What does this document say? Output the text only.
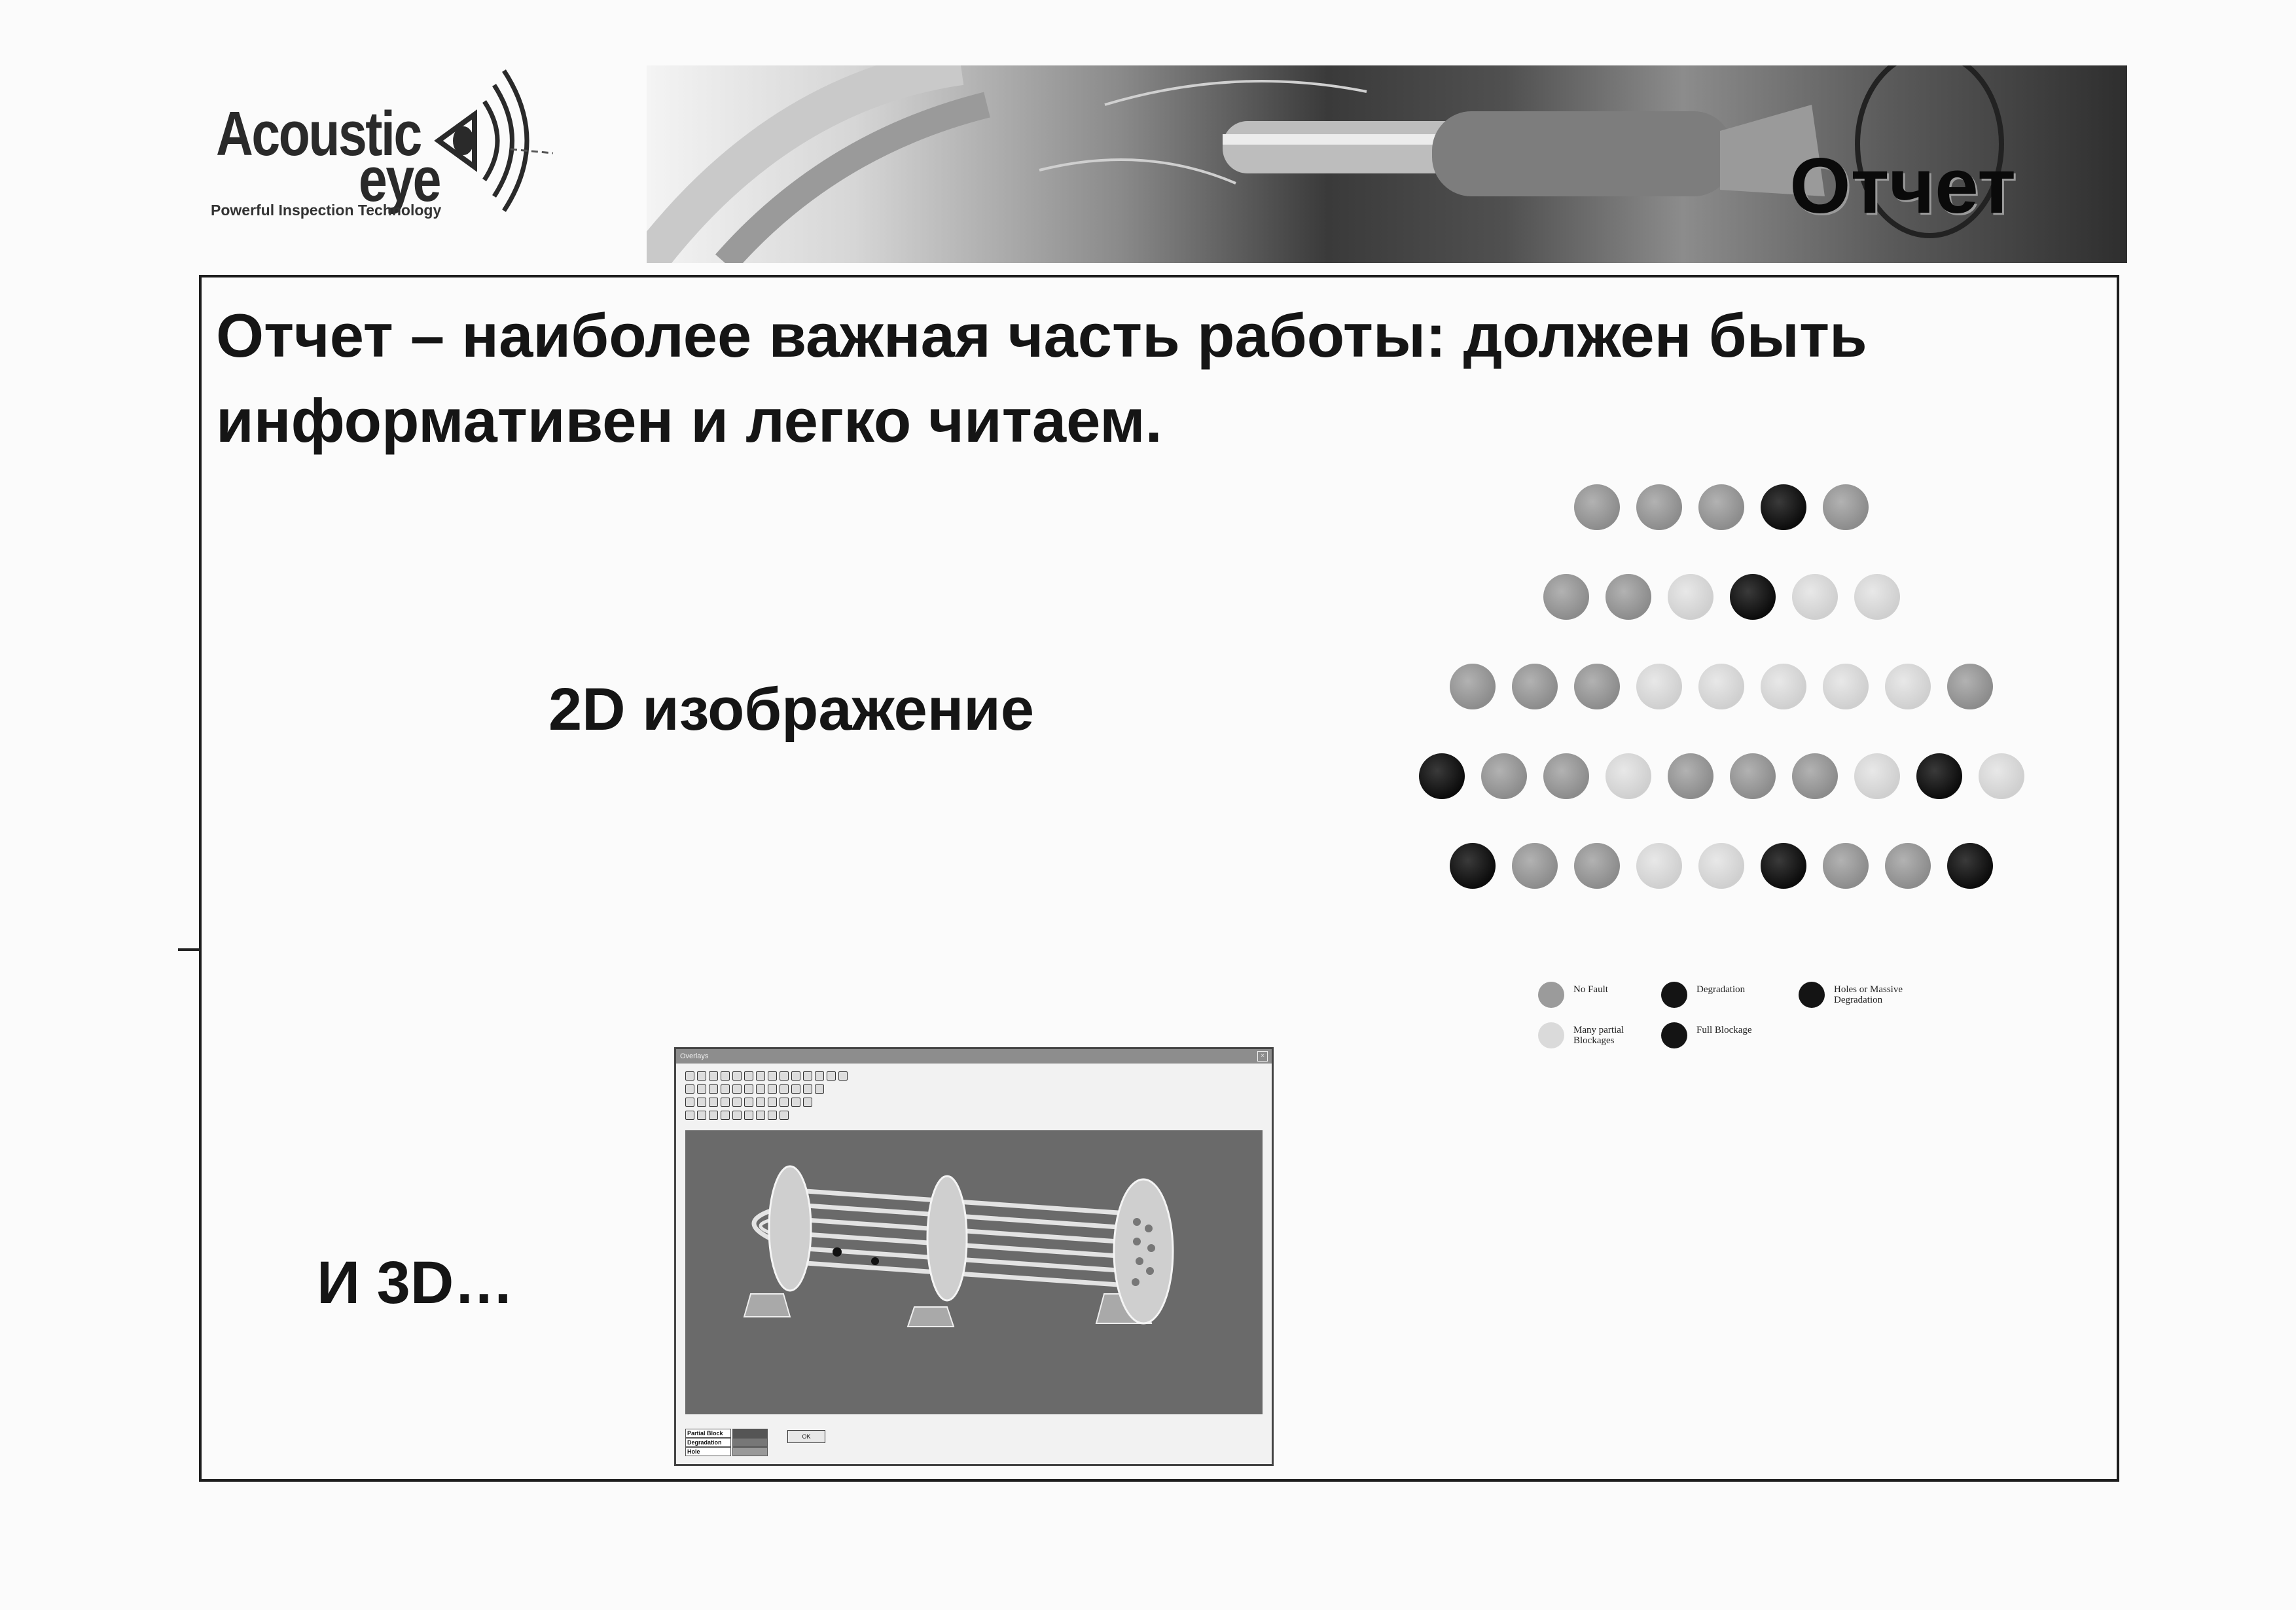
Acoustic
eye
Powerful Inspection Technology	Отчет

Отчет – наиболее важная часть работы: должен быть информативен и легко читаем.

2D изображение
И 3D…
No Fault	Degradation	Holes or Massive Degradation
Many partial Blockages
Full Blockage
Overlays	×
Partial Block
Degradation
Hole
OK
